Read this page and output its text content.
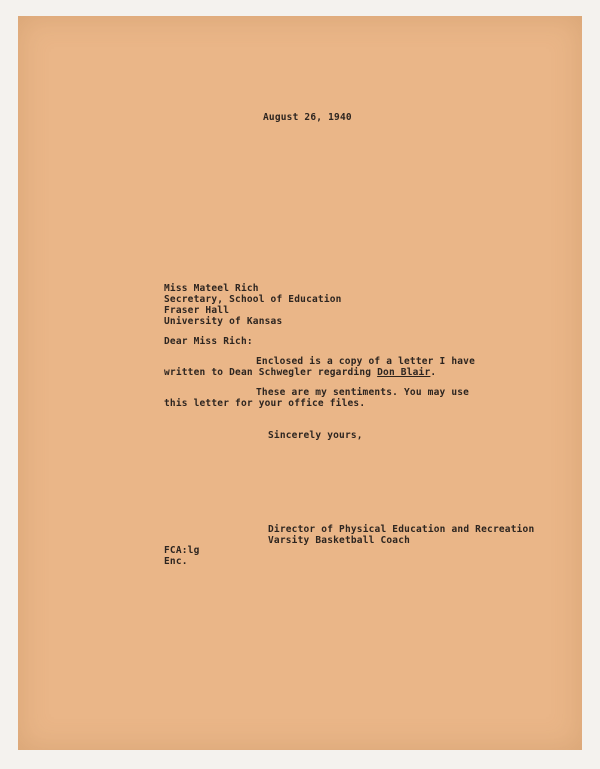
August 26, 1940

Miss Mateel Rich

Secretary, School of Education

Fraser Hall

University of Kansas

Dear Miss Rich:

Enclosed is a copy of a letter I have

written to Dean Schwegler regarding Don Blair.

These are my sentiments. You may use

this letter for your office files.

Sincerely yours,

Director of Physical Education and Recreation

Varsity Basketball Coach

FCA:lg

Enc.
